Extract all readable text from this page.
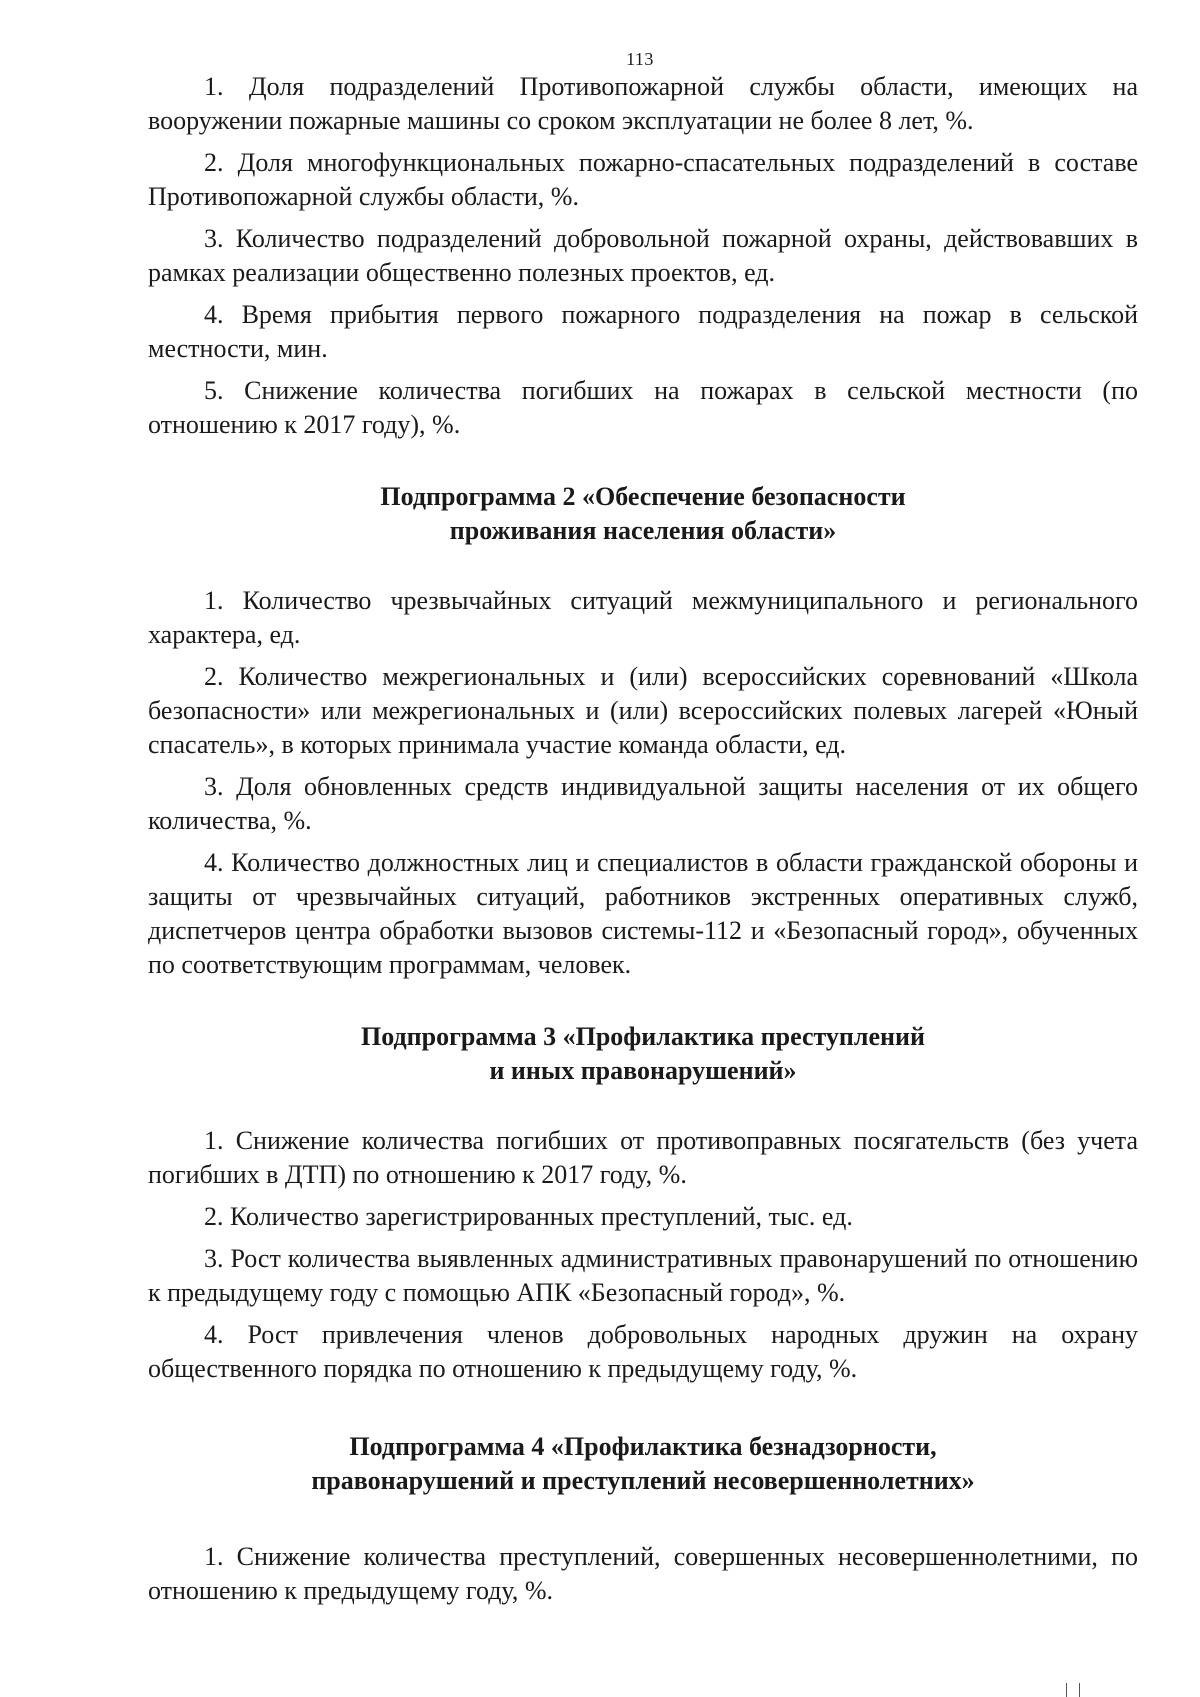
113

1. Доля подразделений Противопожарной службы области, имеющих на вооружении пожарные машины со сроком эксплуатации не более 8 лет, %.

2. Доля многофункциональных пожарно-спасательных подразделений в составе Противопожарной службы области, %.

3. Количество подразделений добровольной пожарной охраны, действовавших в рамках реализации общественно полезных проектов, ед.

4. Время прибытия первого пожарного подразделения на пожар в сельской местности, мин.

5. Снижение количества погибших на пожарах в сельской местности (по отношению к 2017 году), %.

Подпрограмма 2 «Обеспечение безопасности
проживания населения области»

1. Количество чрезвычайных ситуаций межмуниципального и регионального характера, ед.

2. Количество межрегиональных и (или) всероссийских соревнований «Школа безопасности» или межрегиональных и (или) всероссийских полевых лагерей «Юный спасатель», в которых принимала участие команда области, ед.

3. Доля обновленных средств индивидуальной защиты населения от их общего количества, %.

4. Количество должностных лиц и специалистов в области гражданской обороны и защиты от чрезвычайных ситуаций, работников экстренных оперативных служб, диспетчеров центра обработки вызовов системы-112 и «Безопасный город», обученных по соответствующим программам, человек.

Подпрограмма 3 «Профилактика преступлений
и иных правонарушений»

1. Снижение количества погибших от противоправных посягательств (без учета погибших в ДТП) по отношению к 2017 году, %.

2. Количество зарегистрированных преступлений, тыс. ед.

3. Рост количества выявленных административных правонарушений по отношению к предыдущему году с помощью АПК «Безопасный город», %.

4. Рост привлечения членов добровольных народных дружин на охрану общественного порядка по отношению к предыдущему году, %.

Подпрограмма 4 «Профилактика безнадзорности,
правонарушений и преступлений несовершеннолетних»

1. Снижение количества преступлений, совершенных несовершеннолетними, по отношению к предыдущему году, %.
